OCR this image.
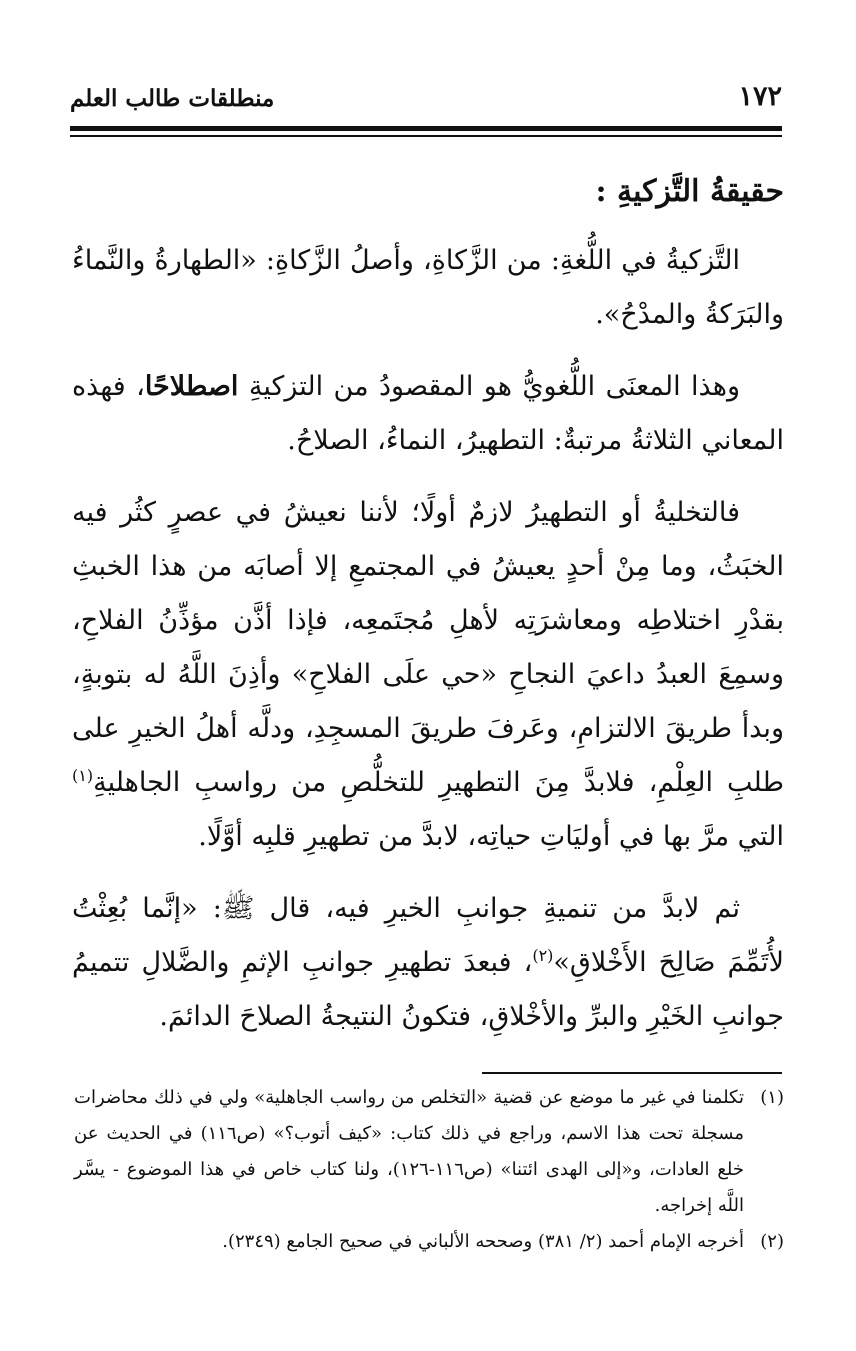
١٧٢
منطلقات طالب العلم
حقيقةُ التَّزكيةِ :

التَّزكيةُ في اللُّغةِ: من الزَّكاةِ، وأصلُ الزَّكاةِ: «الطهارةُ والنَّماءُ والبَرَكةُ والمدْحُ».

وهذا المعنَى اللُّغويُّ هو المقصودُ من التزكيةِ اصطلاحًا، فهذه المعاني الثلاثةُ مرتبةٌ: التطهيرُ، النماءُ، الصلاحُ.

فالتخليةُ أو التطهيرُ لازمٌ أولًا؛ لأننا نعيشُ في عصرٍ كثُر فيه الخبَثُ، وما مِنْ أحدٍ يعيشُ في المجتمعِ إلا أصابَه من هذا الخبثِ بقدْرِ اختلاطِه ومعاشرَتِه لأهلِ مُجتَمعِه، فإذا أذَّن مؤذِّنُ الفلاحِ، وسمِعَ العبدُ داعيَ النجاحِ «حي علَى الفلاحِ» وأذِنَ اللَّهُ له بتوبةٍ، وبدأ طريقَ الالتزامِ، وعَرفَ طريقَ المسجِدِ، ودلَّه أهلُ الخيرِ على طلبِ العِلْمِ، فلابدَّ مِنَ التطهيرِ للتخلُّصِ من رواسبِ الجاهليةِ$^{(١)}$ التي مرَّ بها في أوليَاتِ حياتِه، لابدَّ من تطهيرِ قلبِه أوَّلًا.

ثم لابدَّ من تنميةِ جوانبِ الخيرِ فيه، قال ﷺ: «إنَّما بُعِثْتُ لأُتَمِّمَ صَالِحَ الأَخْلاقِ»$^{(٢)}$، فبعدَ تطهيرِ جوانبِ الإثمِ والضَّلالِ تتميمُ جوانبِ الخَيْرِ والبرِّ والأخْلاقِ، فتكونُ النتيجةُ الصلاحَ الدائمَ.

(١)
تكلمنا في غير ما موضع عن قضية «التخلص من رواسب الجاهلية» ولي في ذلك محاضرات مسجلة تحت هذا الاسم، وراجع في ذلك كتاب: «كيف أتوب؟» (ص١١٦) في الحديث عن خلع العادات، و«إلى الهدى ائتنا» (ص١١٦-١٢٦)، ولنا كتاب خاص في هذا الموضوع - يسَّر اللَّه إخراجه.
(٢)
أخرجه الإمام أحمد (٢/ ٣٨١) وصححه الألباني في صحيح الجامع (٢٣٤٩).
